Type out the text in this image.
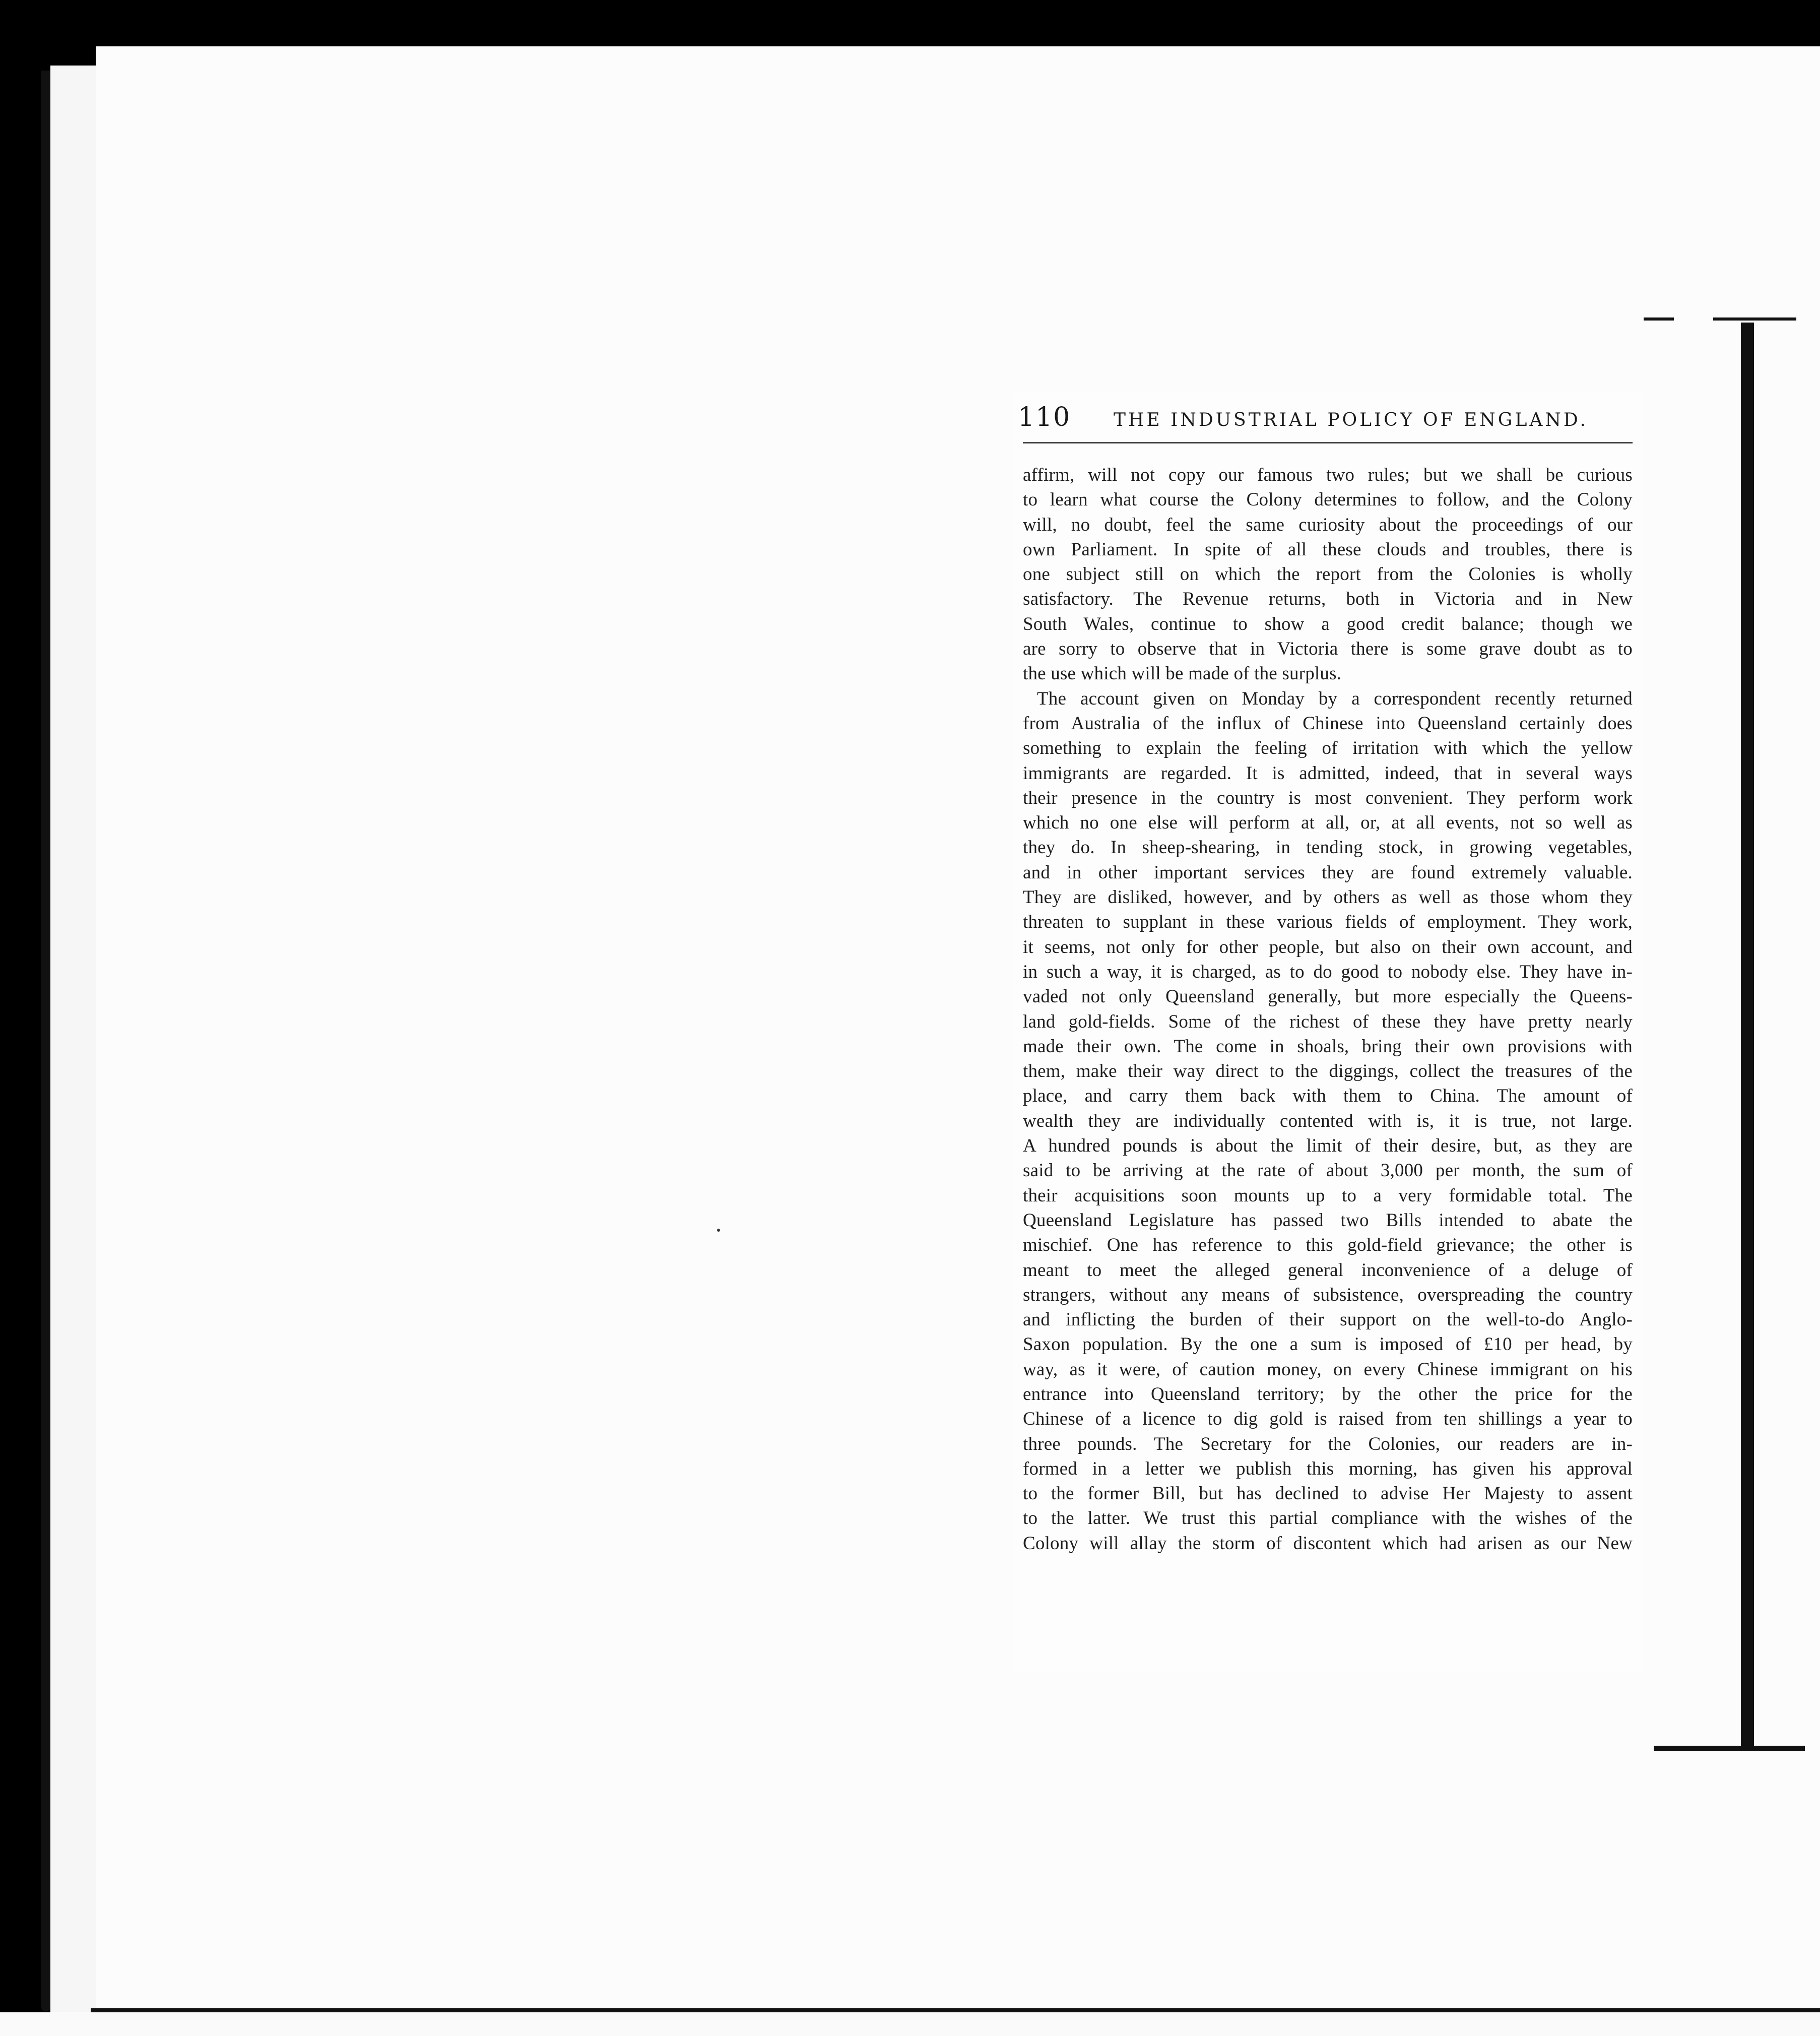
110	THE INDUSTRIAL POLICY OF ENGLAND.
affirm, will not copy our famous two rules; but we shall be curious
to learn what course the Colony determines to follow, and the Colony
will, no doubt, feel the same curiosity about the proceedings of our
own Parliament. In spite of all these clouds and troubles, there is
one subject still on which the report from the Colonies is wholly
satisfactory. The Revenue returns, both in Victoria and in New
South Wales, continue to show a good credit balance; though we
are sorry to observe that in Victoria there is some grave doubt as to
the use which will be made of the surplus.
The account given on Monday by a correspondent recently returned
from Australia of the influx of Chinese into Queensland certainly does
something to explain the feeling of irritation with which the yellow
immigrants are regarded. It is admitted, indeed, that in several ways
their presence in the country is most convenient. They perform work
which no one else will perform at all, or, at all events, not so well as
they do. In sheep-shearing, in tending stock, in growing vegetables,
and in other important services they are found extremely valuable.
They are disliked, however, and by others as well as those whom they
threaten to supplant in these various fields of employment. They work,
it seems, not only for other people, but also on their own account, and
in such a way, it is charged, as to do good to nobody else. They have in-
vaded not only Queensland generally, but more especially the Queens-
land gold-fields. Some of the richest of these they have pretty nearly
made their own. The come in shoals, bring their own provisions with
them, make their way direct to the diggings, collect the treasures of the
place, and carry them back with them to China. The amount of
wealth they are individually contented with is, it is true, not large.
A hundred pounds is about the limit of their desire, but, as they are
said to be arriving at the rate of about 3,000 per month, the sum of
their acquisitions soon mounts up to a very formidable total. The
Queensland Legislature has passed two Bills intended to abate the
mischief. One has reference to this gold-field grievance; the other is
meant to meet the alleged general inconvenience of a deluge of
strangers, without any means of subsistence, overspreading the country
and inflicting the burden of their support on the well-to-do Anglo-
Saxon population. By the one a sum is imposed of £10 per head, by
way, as it were, of caution money, on every Chinese immigrant on his
entrance into Queensland territory; by the other the price for the
Chinese of a licence to dig gold is raised from ten shillings a year to
three pounds. The Secretary for the Colonies, our readers are in-
formed in a letter we publish this morning, has given his approval
to the former Bill, but has declined to advise Her Majesty to assent
to the latter. We trust this partial compliance with the wishes of the
Colony will allay the storm of discontent which had arisen as our New
